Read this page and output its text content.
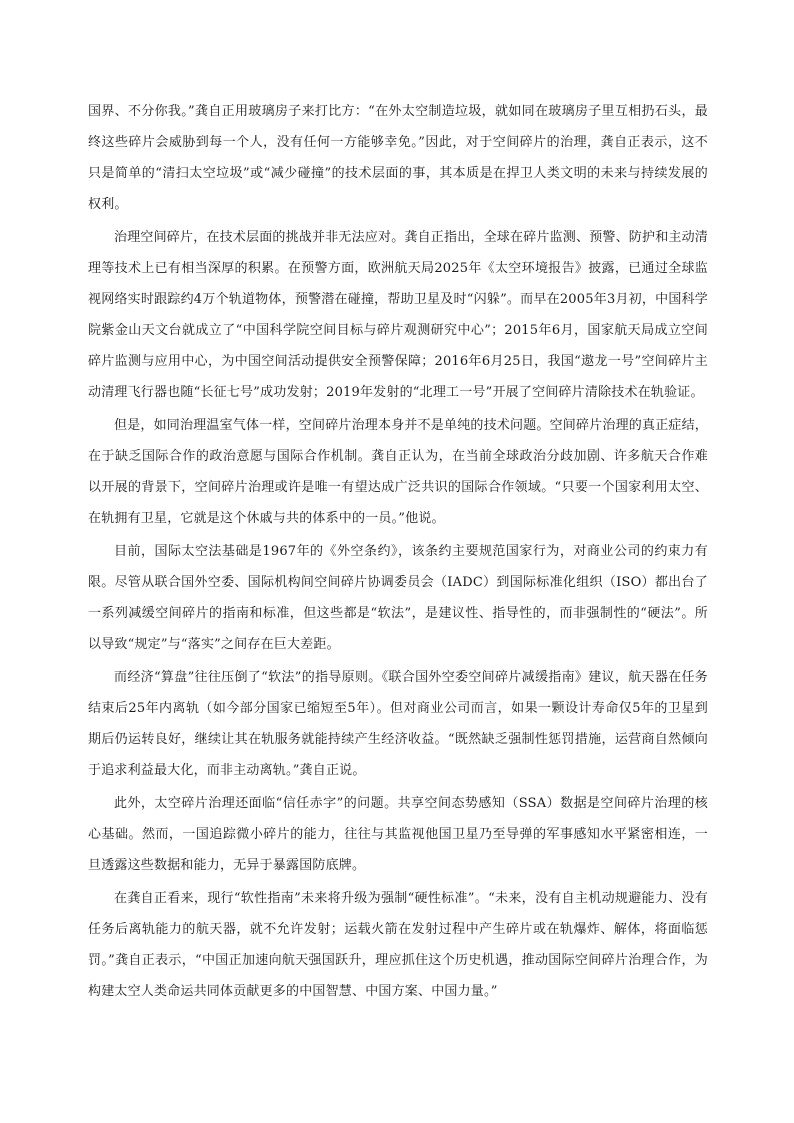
国界、不分你我。”龚自正用玻璃房子来打比方：“在外太空制造垃圾，就如同在玻璃房子里互相扔石头，最终这些碎片会威胁到每一个人，没有任何一方能够幸免。”因此，对于空间碎片的治理，龚自正表示，这不只是简单的“清扫太空垃圾”或“减少碰撞”的技术层面的事，其本质是在捍卫人类文明的未来与持续发展的权利。

治理空间碎片，在技术层面的挑战并非无法应对。龚自正指出，全球在碎片监测、预警、防护和主动清理等技术上已有相当深厚的积累。在预警方面，欧洲航天局2025年《太空环境报告》披露，已通过全球监视网络实时跟踪约4万个轨道物体，预警潜在碰撞，帮助卫星及时“闪躲”。而早在2005年3月初，中国科学院紫金山天文台就成立了“中国科学院空间目标与碎片观测研究中心”；2015年6月，国家航天局成立空间碎片监测与应用中心，为中国空间活动提供安全预警保障；2016年6月25日，我国“遨龙一号”空间碎片主动清理飞行器也随“长征七号”成功发射；2019年发射的“北理工一号”开展了空间碎片清除技术在轨验证。

但是，如同治理温室气体一样，空间碎片治理本身并不是单纯的技术问题。空间碎片治理的真正症结，在于缺乏国际合作的政治意愿与国际合作机制。龚自正认为，在当前全球政治分歧加剧、许多航天合作难以开展的背景下，空间碎片治理或许是唯一有望达成广泛共识的国际合作领域。“只要一个国家利用太空、在轨拥有卫星，它就是这个休戚与共的体系中的一员。”他说。

目前，国际太空法基础是1967年的《外空条约》，该条约主要规范国家行为，对商业公司的约束力有限。尽管从联合国外空委、国际机构间空间碎片协调委员会（IADC）到国际标准化组织（ISO）都出台了一系列减缓空间碎片的指南和标准，但这些都是“软法”，是建议性、指导性的，而非强制性的“硬法”。所以导致“规定”与“落实”之间存在巨大差距。

而经济“算盘”往往压倒了“软法”的指导原则。《联合国外空委空间碎片减缓指南》建议，航天器在任务结束后25年内离轨（如今部分国家已缩短至5年）。但对商业公司而言，如果一颗设计寿命仅5年的卫星到期后仍运转良好，继续让其在轨服务就能持续产生经济收益。“既然缺乏强制性惩罚措施，运营商自然倾向于追求利益最大化，而非主动离轨。”龚自正说。

此外，太空碎片治理还面临“信任赤字”的问题。共享空间态势感知（SSA）数据是空间碎片治理的核心基础。然而，一国追踪微小碎片的能力，往往与其监视他国卫星乃至导弹的军事感知水平紧密相连，一旦透露这些数据和能力，无异于暴露国防底牌。

在龚自正看来，现行“软性指南”未来将升级为强制“硬性标准”。“未来，没有自主机动规避能力、没有任务后离轨能力的航天器，就不允许发射；运载火箭在发射过程中产生碎片或在轨爆炸、解体，将面临惩罚。”龚自正表示，“中国正加速向航天强国跃升，理应抓住这个历史机遇，推动国际空间碎片治理合作，为构建太空人类命运共同体贡献更多的中国智慧、中国方案、中国力量。”
